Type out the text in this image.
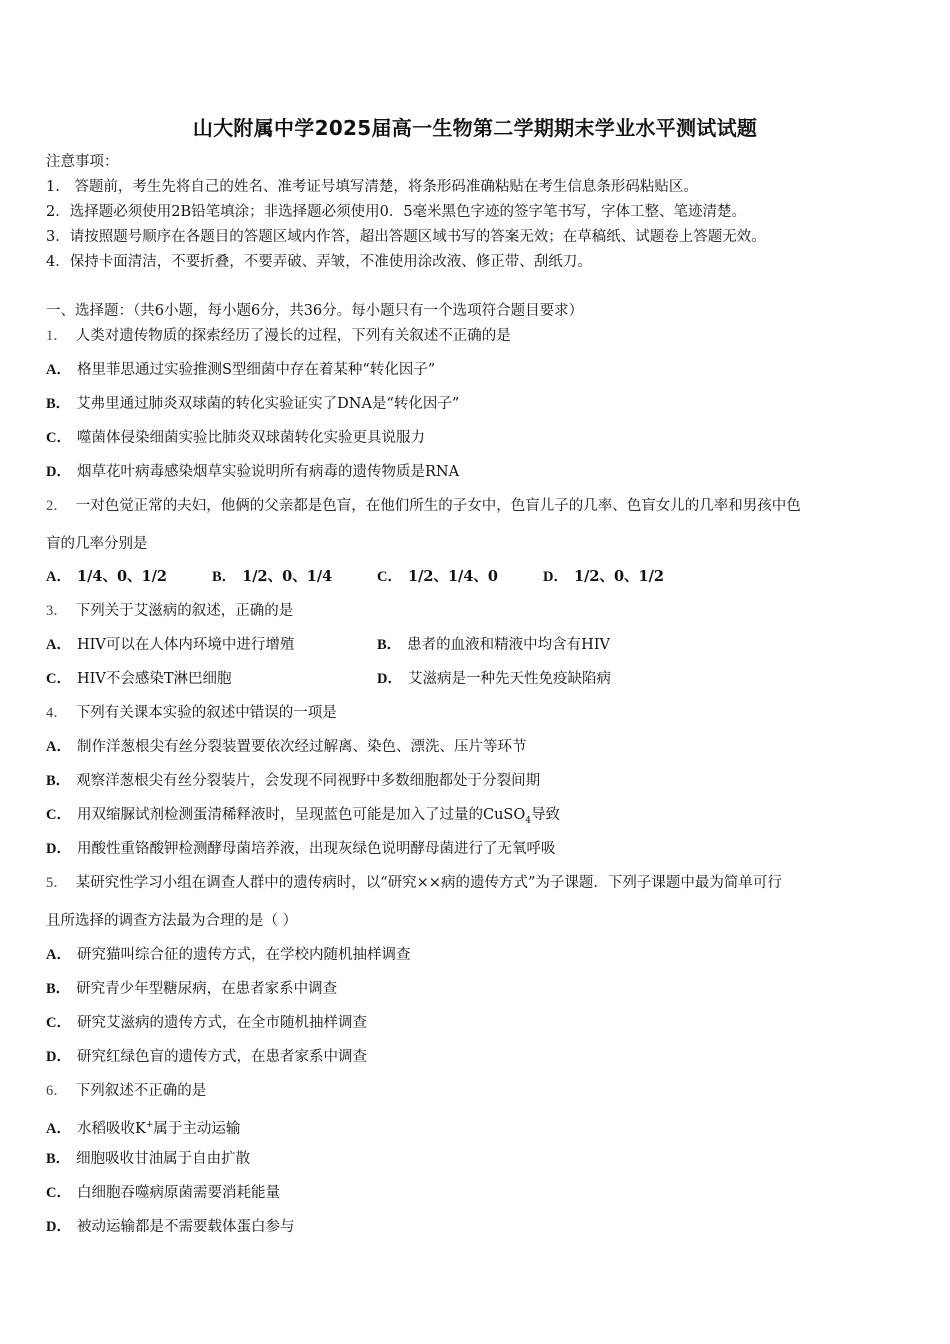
山大附属中学2025届高一生物第二学期期末学业水平测试试题
注意事项：
1.　答题前，考生先将自己的姓名、准考证号填写清楚，将条形码准确粘贴在考生信息条形码粘贴区。
2．选择题必须使用2B铅笔填涂；非选择题必须使用0．5毫米黑色字迹的签字笔书写，字体工整、笔迹清楚。
3．请按照题号顺序在各题目的答题区域内作答，超出答题区域书写的答案无效；在草稿纸、试题卷上答题无效。
4．保持卡面清洁，不要折叠，不要弄破、弄皱，不准使用涂改液、修正带、刮纸刀。
一、选择题：（共6小题，每小题6分，共36分。每小题只有一个选项符合题目要求）
1． 人类对遗传物质的探索经历了漫长的过程，下列有关叙述不正确的是
A． 格里菲思通过实验推测S型细菌中存在着某种“转化因子”
B． 艾弗里通过肺炎双球菌的转化实验证实了DNA是“转化因子”
C． 噬菌体侵染细菌实验比肺炎双球菌转化实验更具说服力
D． 烟草花叶病毒感染烟草实验说明所有病毒的遗传物质是RNA
2． 一对色觉正常的夫妇，他俩的父亲都是色盲，在他们所生的子女中，色盲儿子的几率、色盲女儿的几率和男孩中色
盲的几率分别是
A． 1/4、0、1/2	B． 1/2、0、1/4	C． 1/2、1/4、0	D． 1/2、0、1/2
3． 下列关于艾滋病的叙述，正确的是
A． HIV可以在人体内环境中进行增殖	B． 患者的血液和精液中均含有HIV
C． HIV不会感染T淋巴细胞	D． 艾滋病是一种先天性免疫缺陷病
4． 下列有关课本实验的叙述中错误的一项是
A． 制作洋葱根尖有丝分裂装置要依次经过解离、染色、漂洗、压片等环节
B． 观察洋葱根尖有丝分裂装片，会发现不同视野中多数细胞都处于分裂间期
C． 用双缩脲试剂检测蛋清稀释液时，呈现蓝色可能是加入了过量的CuSO$_4$导致
D． 用酸性重铬酸钾检测酵母菌培养液，出现灰绿色说明酵母菌进行了无氧呼吸
5． 某研究性学习小组在调查人群中的遗传病时，以“研究××病的遗传方式”为子课题．下列子课题中最为简单可行
且所选择的调查方法最为合理的是（ ）
A． 研究猫叫综合征的遗传方式，在学校内随机抽样调查
B． 研究青少年型糖尿病，在患者家系中调查
C． 研究艾滋病的遗传方式，在全市随机抽样调查
D． 研究红绿色盲的遗传方式，在患者家系中调查
6． 下列叙述不正确的是
A． 水稻吸收K+属于主动运输
B． 细胞吸收甘油属于自由扩散
C． 白细胞吞噬病原菌需要消耗能量
D． 被动运输都是不需要载体蛋白参与
